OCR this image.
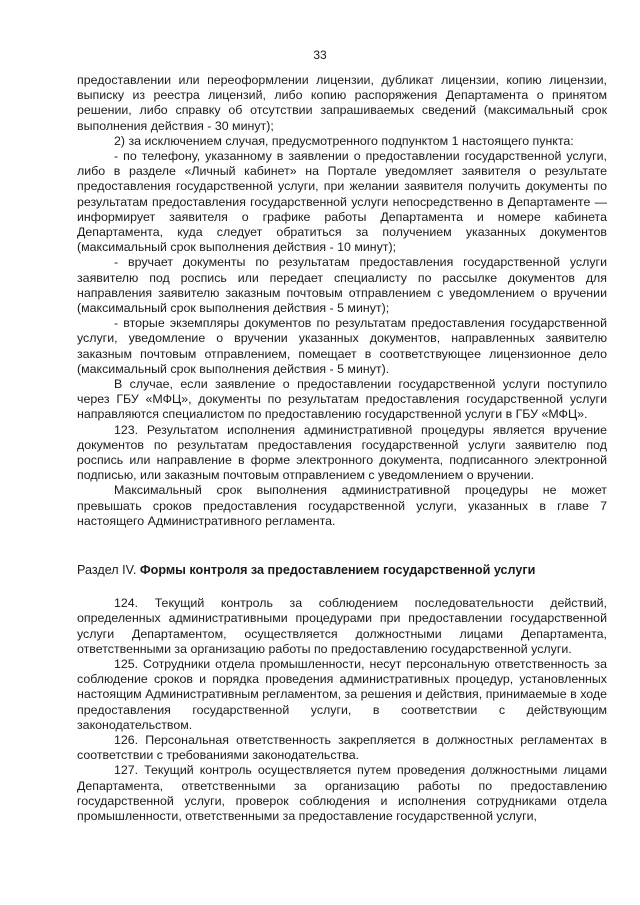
33

предоставлении или переоформлении лицензии, дубликат лицензии, копию лицензии, выписку из реестра лицензий, либо копию распоряжения Департамента о принятом решении, либо справку об отсутствии запрашиваемых сведений (максимальный срок выполнения действия - 30 минут);

2) за исключением случая, предусмотренного подпунктом 1 настоящего пункта:

- по телефону, указанному в заявлении о предоставлении государственной услуги, либо в разделе «Личный кабинет» на Портале уведомляет заявителя о результате предоставления государственной услуги, при желании заявителя получить документы по результатам предоставления государственной услуги непосредственно в Департаменте — информирует заявителя о графике работы Департамента и номере кабинета Департамента, куда следует обратиться за получением указанных документов (максимальный срок выполнения действия - 10 минут);

- вручает документы по результатам предоставления государственной услуги заявителю под роспись или передает специалисту по рассылке документов для направления заявителю заказным почтовым отправлением с уведомлением о вручении (максимальный срок выполнения действия - 5 минут);

- вторые экземпляры документов по результатам предоставления государственной услуги, уведомление о вручении указанных документов, направленных заявителю заказным почтовым отправлением, помещает в соответствующее лицензионное дело (максимальный срок выполнения действия - 5 минут).

В случае, если заявление о предоставлении государственной услуги поступило через ГБУ «МФЦ», документы по результатам предоставления государственной услуги направляются специалистом по предоставлению государственной услуги в ГБУ «МФЦ».

123. Результатом исполнения административной процедуры является вручение документов по результатам предоставления государственной услуги заявителю под роспись или направление в форме электронного документа, подписанного электронной подписью, или заказным почтовым отправлением с уведомлением о вручении.

Максимальный срок выполнения административной процедуры не может превышать сроков предоставления государственной услуги, указанных в главе 7 настоящего Административного регламента.

Раздел IV. Формы контроля за предоставлением государственной услуги

124. Текущий контроль за соблюдением последовательности действий, определенных административными процедурами при предоставлении государственной услуги Департаментом, осуществляется должностными лицами Департамента, ответственными за организацию работы по предоставлению государственной услуги.

125. Сотрудники отдела промышленности, несут персональную ответственность за соблюдение сроков и порядка проведения административных процедур, установленных настоящим Административным регламентом, за решения и действия, принимаемые в ходе предоставления государственной услуги, в соответствии с действующим законодательством.

126. Персональная ответственность закрепляется в должностных регламентах в соответствии с требованиями законодательства.

127. Текущий контроль осуществляется путем проведения должностными лицами Департамента, ответственными за организацию работы по предоставлению государственной услуги, проверок соблюдения и исполнения сотрудниками отдела промышленности, ответственными за предоставление государственной услуги,
